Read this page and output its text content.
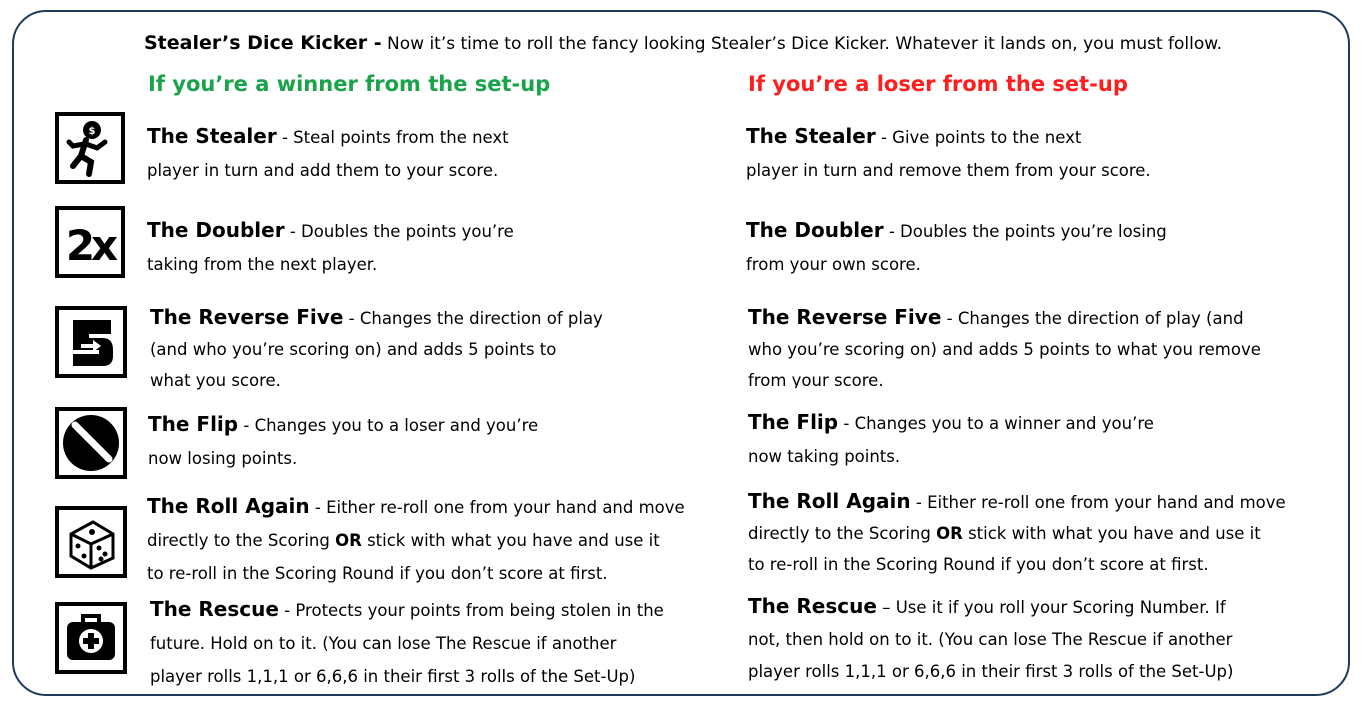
Stealer’s Dice Kicker - Now it’s time to roll the fancy looking Stealer’s Dice Kicker. Whatever it lands on, you must follow.
If you’re a winner from the set-up	If you’re a loser from the set-up
$
2x
The Stealer - Steal points from the next
player in turn and add them to your score.
The Doubler - Doubles the points you’re
taking from the next player.
The Reverse Five - Changes the direction of play
(and who you’re scoring on) and adds 5 points to
what you score.
The Flip - Changes you to a loser and you’re
now losing points.
The Roll Again - Either re-roll one from your hand and move
directly to the Scoring OR stick with what you have and use it
to re-roll in the Scoring Round if you don’t score at first.
The Rescue - Protects your points from being stolen in the
future. Hold on to it. (You can lose The Rescue if another
player rolls 1,1,1 or 6,6,6 in their first 3 rolls of the Set-Up)
The Stealer - Give points to the next
player in turn and remove them from your score.
The Doubler - Doubles the points you’re losing
from your own score.
The Reverse Five - Changes the direction of play (and
who you’re scoring on) and adds 5 points to what you remove
from your score.
The Flip - Changes you to a winner and you’re
now taking points.
The Roll Again - Either re-roll one from your hand and move
directly to the Scoring OR stick with what you have and use it
to re-roll in the Scoring Round if you don’t score at first.
The Rescue – Use it if you roll your Scoring Number. If
not, then hold on to it. (You can lose The Rescue if another
player rolls 1,1,1 or 6,6,6 in their first 3 rolls of the Set-Up)
